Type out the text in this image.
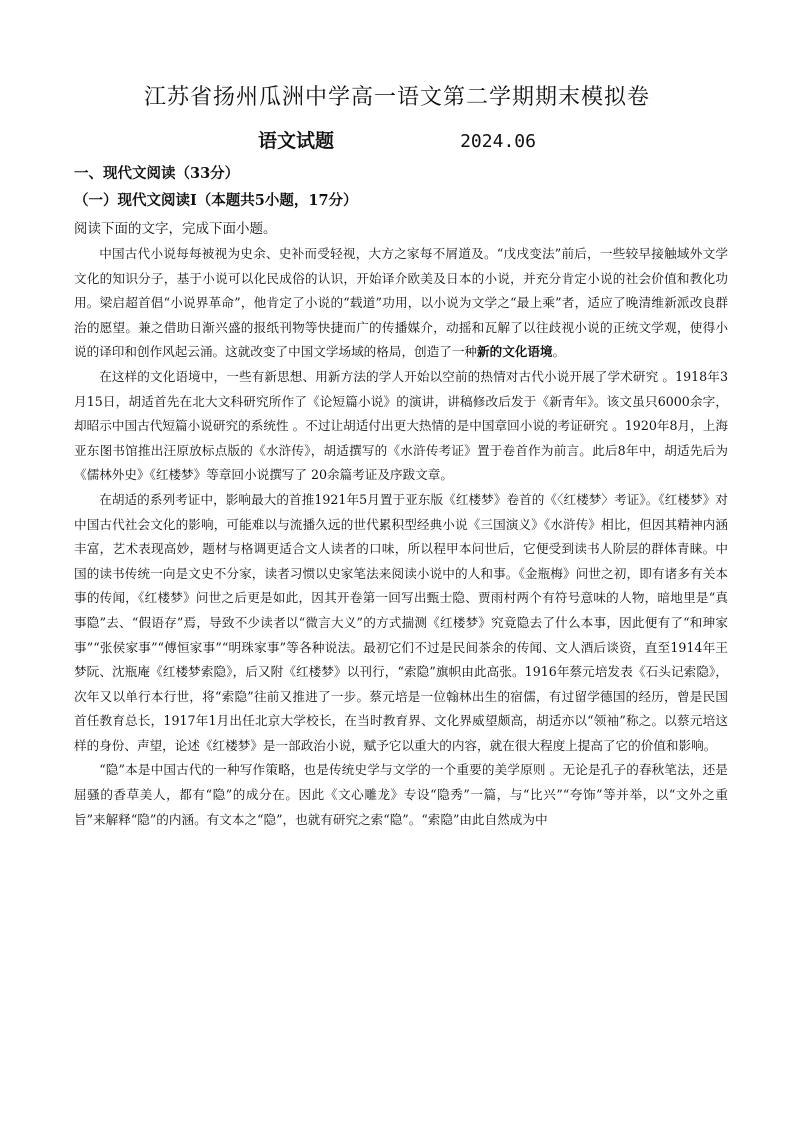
江苏省扬州瓜洲中学高一语文第二学期期末模拟卷
语文试题	2024.06
一、现代文阅读（33分）
（一）现代文阅读Ⅰ（本题共5小题，17分）
阅读下面的文字，完成下面小题。

中国古代小说每每被视为史余、史补而受轻视，大方之家每不屑道及。“戊戌变法”前后，一些较早接触域外文学文化的知识分子，基于小说可以化民成俗的认识，开始译介欧美及日本的小说，并充分肯定小说的社会价值和教化功用。梁启超首倡“小说界革命”，他肯定了小说的“载道”功用，以小说为文学之“最上乘”者，适应了晚清维新派改良群治的愿望。兼之借助日渐兴盛的报纸刊物等快捷而广的传播媒介，动摇和瓦解了以往歧视小说的正统文学观，使得小说的译印和创作风起云涌。这就改变了中国文学场域的格局，创造了一种新的文化语境。

在这样的文化语境中，一些有新思想、用新方法的学人开始以空前的热情对古代小说开展了学术研究 。1918年3月15日，胡适首先在北大文科研究所作了《论短篇小说》的演讲，讲稿修改后发于《新青年》。该文虽只6000余字，却昭示中国古代短篇小说研究的系统性 。不过让胡适付出更大热情的是中国章回小说的考证研究 。1920年8月，上海亚东图书馆推出汪原放标点版的《水浒传》，胡适撰写的《水浒传考证》置于卷首作为前言。此后8年中，胡适先后为《儒林外史》《红楼梦》等章回小说撰写了 20余篇考证及序跋文章。

在胡适的系列考证中，影响最大的首推1921年5月置于亚东版《红楼梦》卷首的《〈红楼梦〉考证》。《红楼梦》对中国古代社会文化的影响，可能难以与流播久远的世代累积型经典小说《三国演义》《水浒传》相比，但因其精神内涵丰富，艺术表现高妙，题材与格调更适合文人读者的口味，所以程甲本问世后，它便受到读书人阶层的群体青睐。中国的读书传统一向是文史不分家，读者习惯以史家笔法来阅读小说中的人和事。《金瓶梅》问世之初，即有诸多有关本事的传闻，《红楼梦》问世之后更是如此，因其开卷第一回写出甄士隐、贾雨村两个有符号意味的人物，暗地里是“真事隐”去、“假语存”焉，导致不少读者以“微言大义”的方式揣测《红楼梦》究竟隐去了什么本事，因此便有了“和珅家事”“张侯家事”“傅恒家事”“明珠家事”等各种说法。最初它们不过是民间茶余的传闻、文人酒后谈资，直至1914年王梦阮、沈瓶庵《红楼梦索隐》，后又附《红楼梦》以刊行，“索隐”旗帜由此高张。1916年蔡元培发表《石头记索隐》，次年又以单行本行世，将“索隐”往前又推进了一步。蔡元培是一位翰林出生的宿儒，有过留学德国的经历，曾是民国首任教育总长，1917年1月出任北京大学校长，在当时教育界、文化界威望颇高，胡适亦以“领袖”称之。以蔡元培这样的身份、声望，论述《红楼梦》是一部政治小说，赋予它以重大的内容，就在很大程度上提高了它的价值和影响。

“隐”本是中国古代的一种写作策略，也是传统史学与文学的一个重要的美学原则 。无论是孔子的春秋笔法，还是屈骚的香草美人，都有“隐”的成分在。因此《文心雕龙》专设“隐秀”一篇，与“比兴”“夸饰”等并举，以“文外之重旨”来解释“隐”的内涵。有文本之“隐”，也就有研究之索“隐”。“索隐”由此自然成为中
